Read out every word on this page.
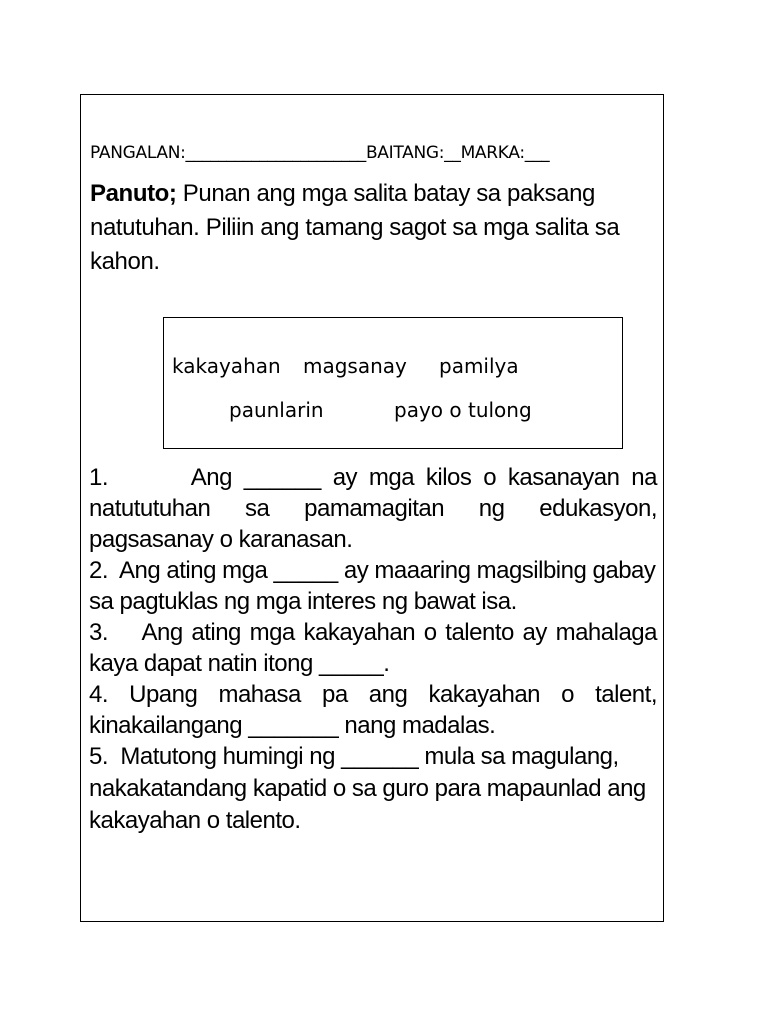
PANGALAN:______________________BAITANG:__MARKA:___
Panuto; Punan ang mga salita batay sa paksang natutuhan. Piliin ang tamang sagot sa mga salita sa kahon.
kakayahan magsanay pamilya
paunlarin	payo o tulong

1.       Ang ______ ay mga kilos o kasanayan na natututuhan sa pamamagitan ng edukasyon, pagsasanay o karanasan.

2.  Ang ating mga _____ ay maaaring magsilbing gabay sa pagtuklas ng mga interes ng bawat isa.

3.    Ang ating mga kakayahan o talento ay mahalaga kaya dapat natin itong _____.

4. Upang mahasa pa ang kakayahan o talent, kinakailangang _______ nang madalas.

5.  Matutong humingi ng ______ mula sa magulang, nakakatandang kapatid o sa guro para mapaunlad ang kakayahan o talento.
